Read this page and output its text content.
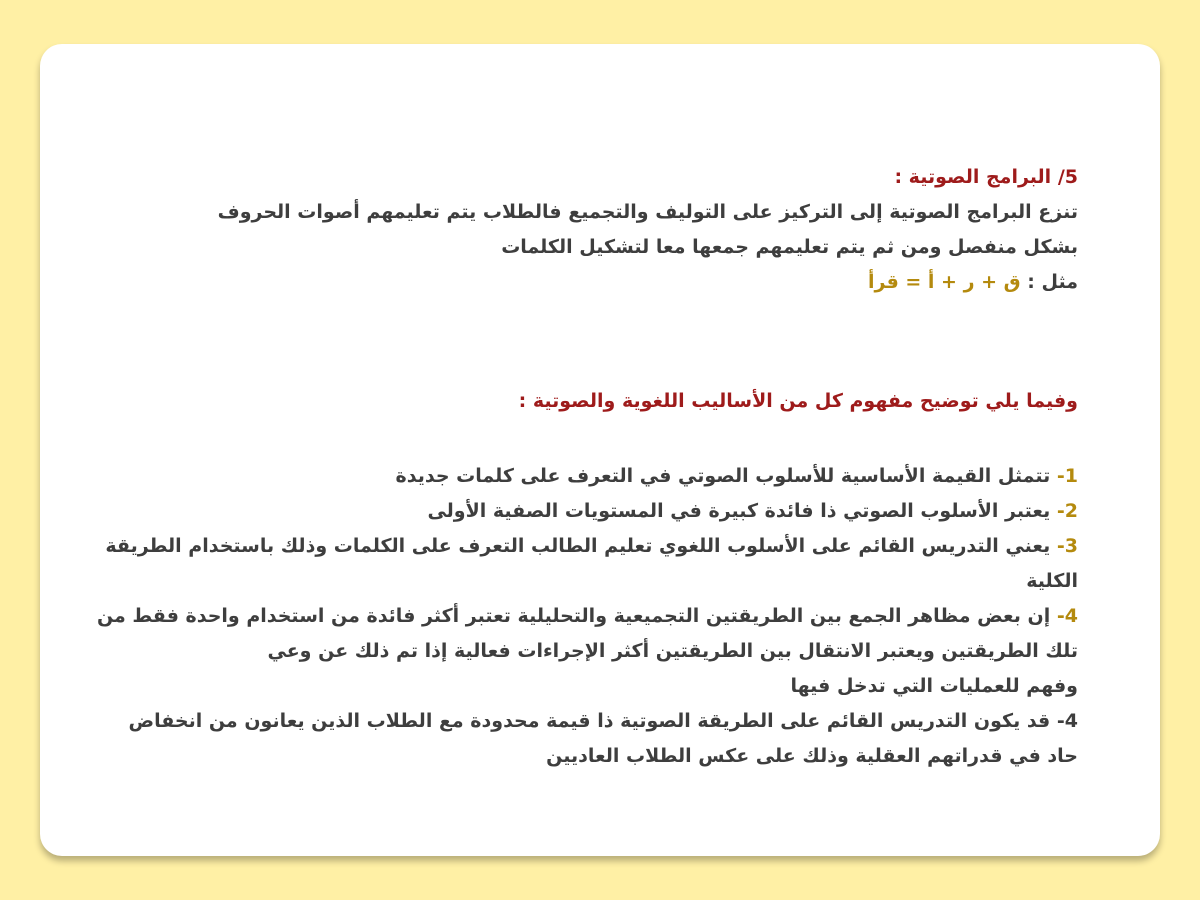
5/ البرامج الصوتية :
تنزع البرامج الصوتية إلى التركيز على التوليف والتجميع فالطلاب يتم تعليمهم أصوات الحروف
بشكل منفصل ومن ثم يتم تعليمهم جمعها معا لتشكيل الكلمات
مثل : ق + ر + أ = قرأ
وفيما يلي توضيح مفهوم كل من الأساليب اللغوية والصوتية :
1- تتمثل القيمة الأساسية للأسلوب الصوتي في التعرف على كلمات جديدة
2- يعتبر الأسلوب الصوتي ذا فائدة كبيرة في المستويات الصفية الأولى
3- يعني التدريس القائم على الأسلوب اللغوي تعليم الطالب التعرف على الكلمات وذلك باستخدام الطريقة
الكلية
4- إن بعض مظاهر الجمع بين الطريقتين التجميعية والتحليلية تعتبر أكثر فائدة من استخدام واحدة فقط من
تلك الطريقتين ويعتبر الانتقال بين الطريقتين أكثر الإجراءات فعالية إذا تم ذلك عن وعي
وفهم للعمليات التي تدخل فيها
4- قد يكون التدريس القائم على الطريقة الصوتية ذا قيمة محدودة مع الطلاب الذين يعانون من انخفاض
حاد في قدراتهم العقلية وذلك على عكس الطلاب العاديين
